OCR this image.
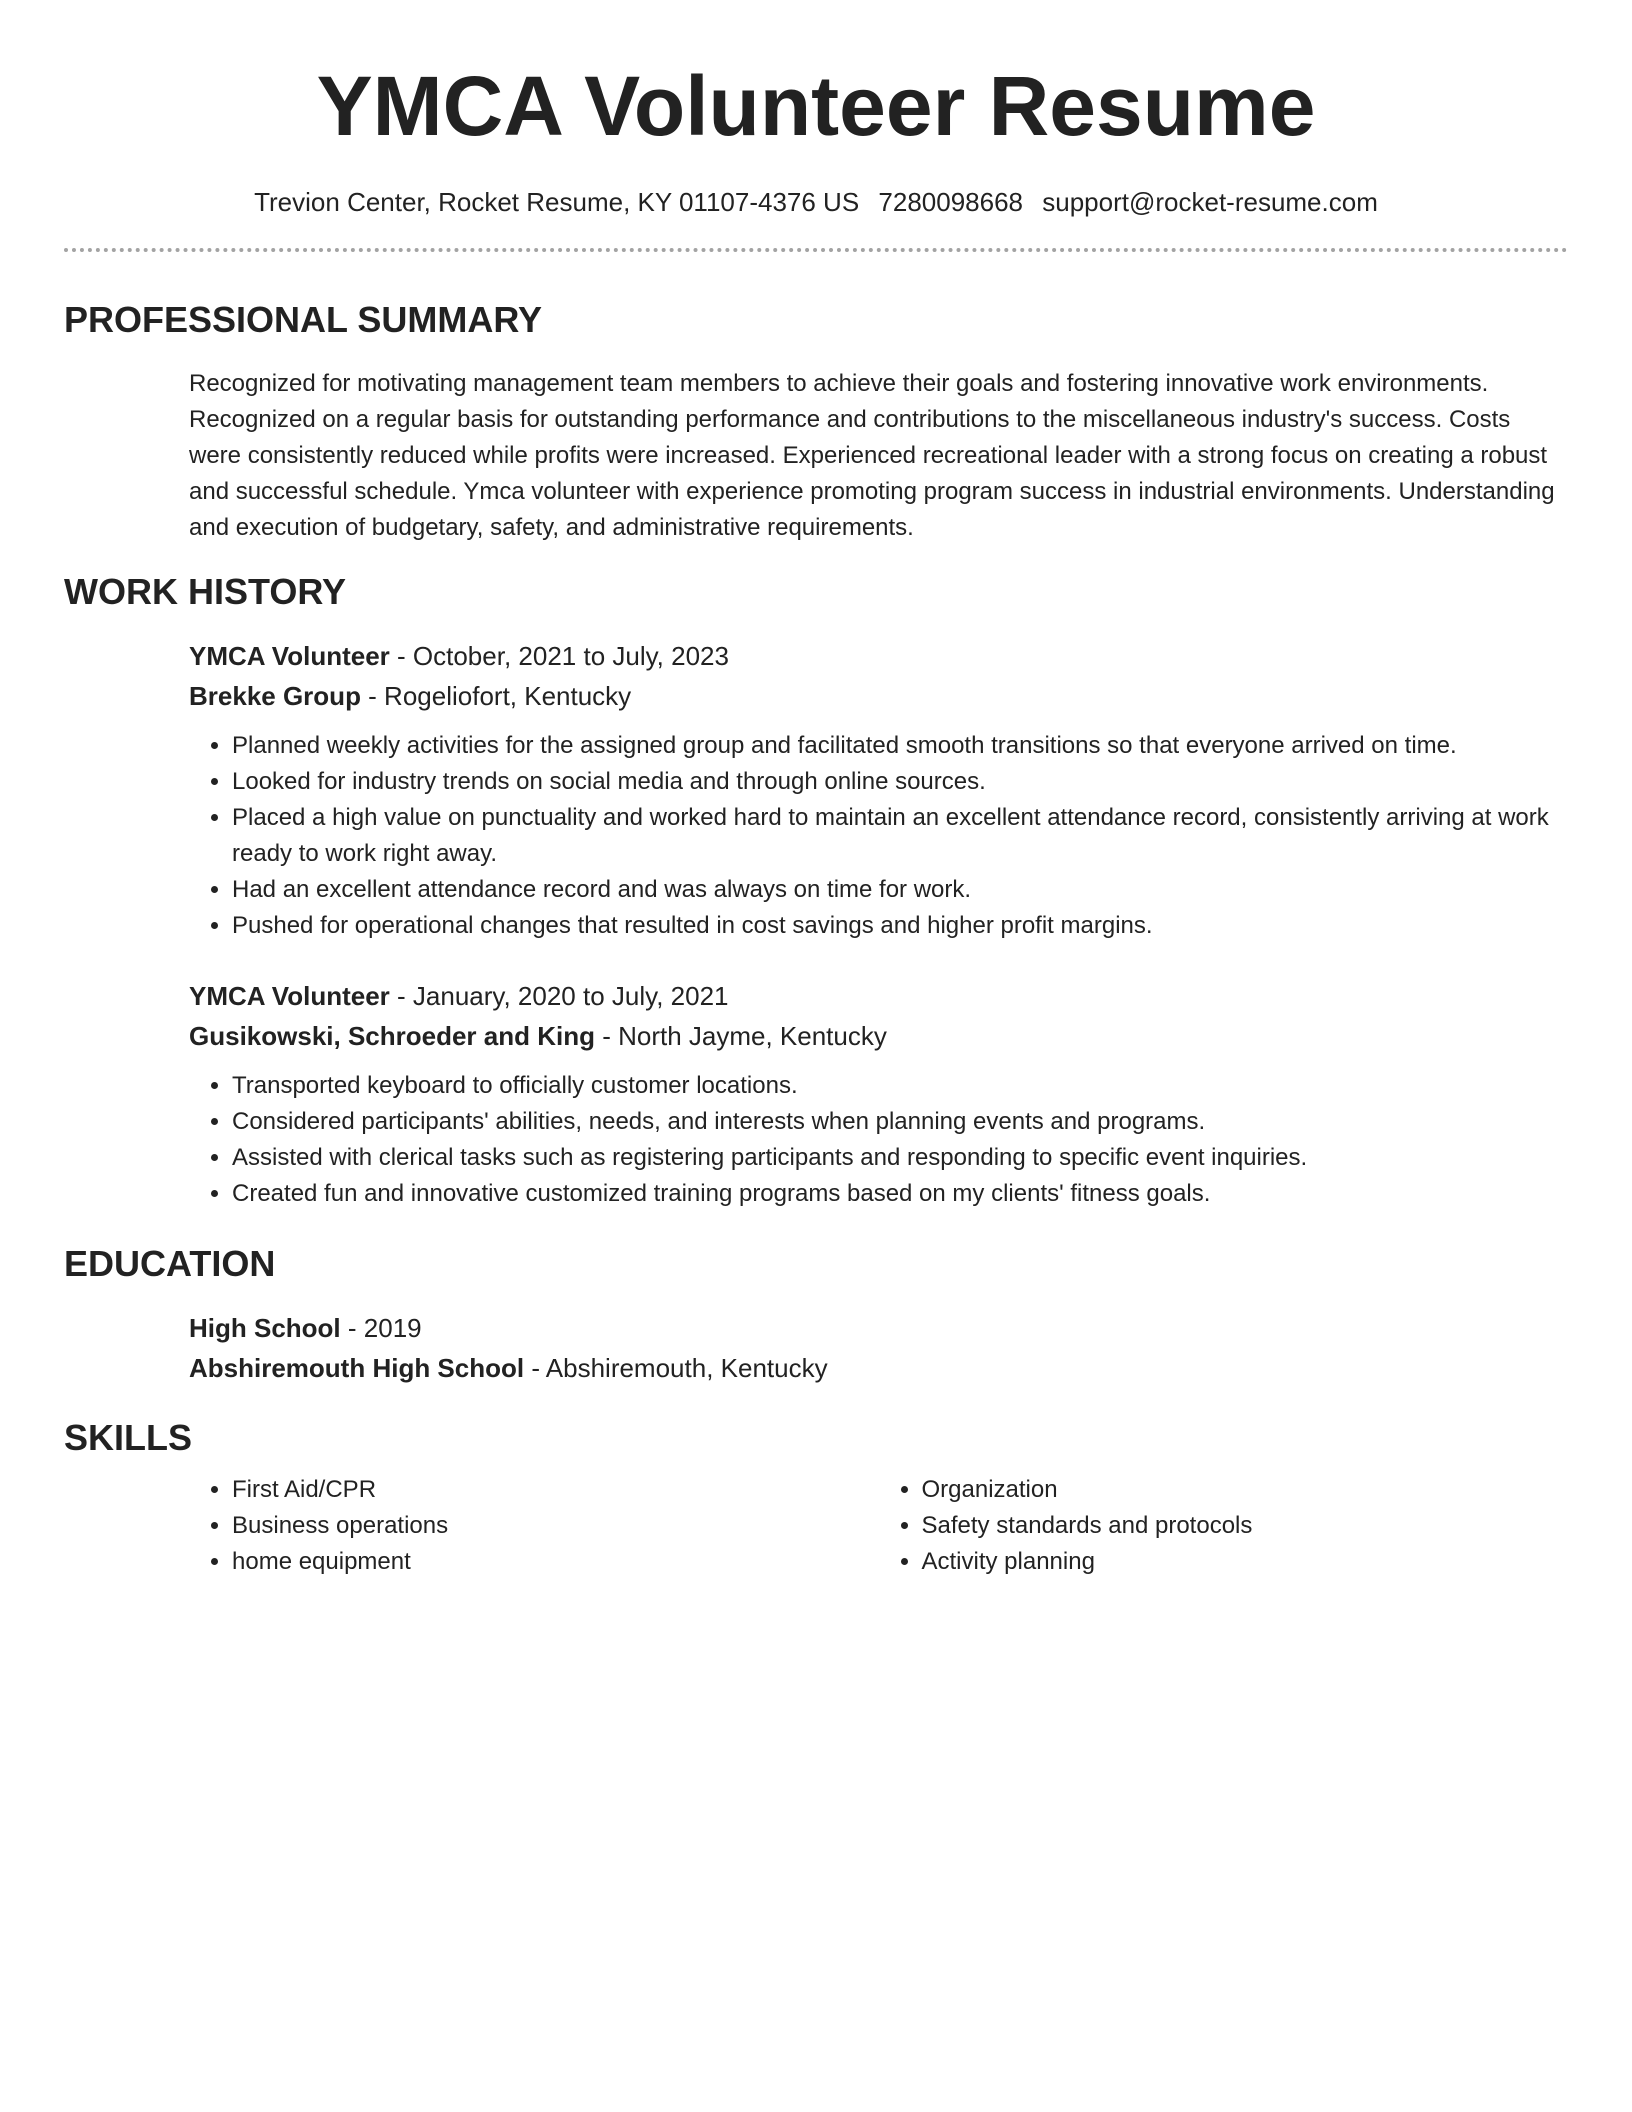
YMCA Volunteer Resume
Trevion Center, Rocket Resume, KY 01107-4376 US 7280098668 support@rocket-resume.com
PROFESSIONAL SUMMARY

Recognized for motivating management team members to achieve their goals and fostering innovative work environments. Recognized on a regular basis for outstanding performance and contributions to the miscellaneous industry's success. Costs were consistently reduced while profits were increased. Experienced recreational leader with a strong focus on creating a robust and successful schedule. Ymca volunteer with experience promoting program success in industrial environments. Understanding and execution of budgetary, safety, and administrative requirements.

WORK HISTORY

YMCA Volunteer - October, 2021 to July, 2023

Brekke Group - Rogeliofort, Kentucky

• Planned weekly activities for the assigned group and facilitated smooth transitions so that everyone arrived on time.
• Looked for industry trends on social media and through online sources.
• Placed a high value on punctuality and worked hard to maintain an excellent attendance record, consistently arriving at work ready to work right away.
• Had an excellent attendance record and was always on time for work.
• Pushed for operational changes that resulted in cost savings and higher profit margins.

YMCA Volunteer - January, 2020 to July, 2021

Gusikowski, Schroeder and King - North Jayme, Kentucky

• Transported keyboard to officially customer locations.
• Considered participants' abilities, needs, and interests when planning events and programs.
• Assisted with clerical tasks such as registering participants and responding to specific event inquiries.
• Created fun and innovative customized training programs based on my clients' fitness goals.
EDUCATION

High School - 2019

Abshiremouth High School - Abshiremouth, Kentucky

SKILLS
• First Aid/CPR
• Business operations
• home equipment
• Organization
• Safety standards and protocols
• Activity planning
